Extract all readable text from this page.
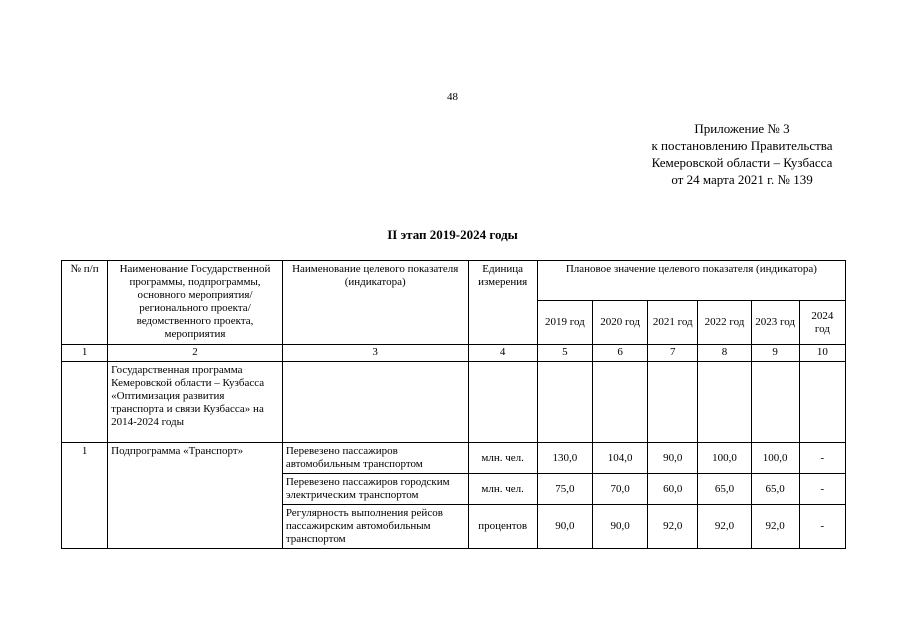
48
Приложение № 3
к постановлению Правительства
Кемеровской области – Кузбасса
от 24 марта 2021 г. № 139
II этап 2019-2024 годы
№ п/п	Наименование Государственной программы, подпрограммы, основного мероприятия/регионального проекта/ведомственного проекта, мероприятия	Наименование целевого показателя (индикатора)	Единица измерения	Плановое значение целевого показателя (индикатора)					
				2019 год	2020 год	2021 год	2022 год	2023 год	2024 год
1	2	3	4	5	6	7	8	9	10
	Государственная программа Кемеровской области – Кузбасса «Оптимизация развития транспорта и связи Кузбасса» на 2014-2024 годы								
1	Подпрограмма «Транспорт»	Перевезено пассажиров автомобильным транспортом	млн. чел.	130,0	104,0	90,0	100,0	100,0	-
		Перевезено пассажиров городским электрическим транспортом	млн. чел.	75,0	70,0	60,0	65,0	65,0	-
		Регулярность выполнения рейсов пассажирским автомобильным транспортом	процентов	90,0	90,0	92,0	92,0	92,0	-
